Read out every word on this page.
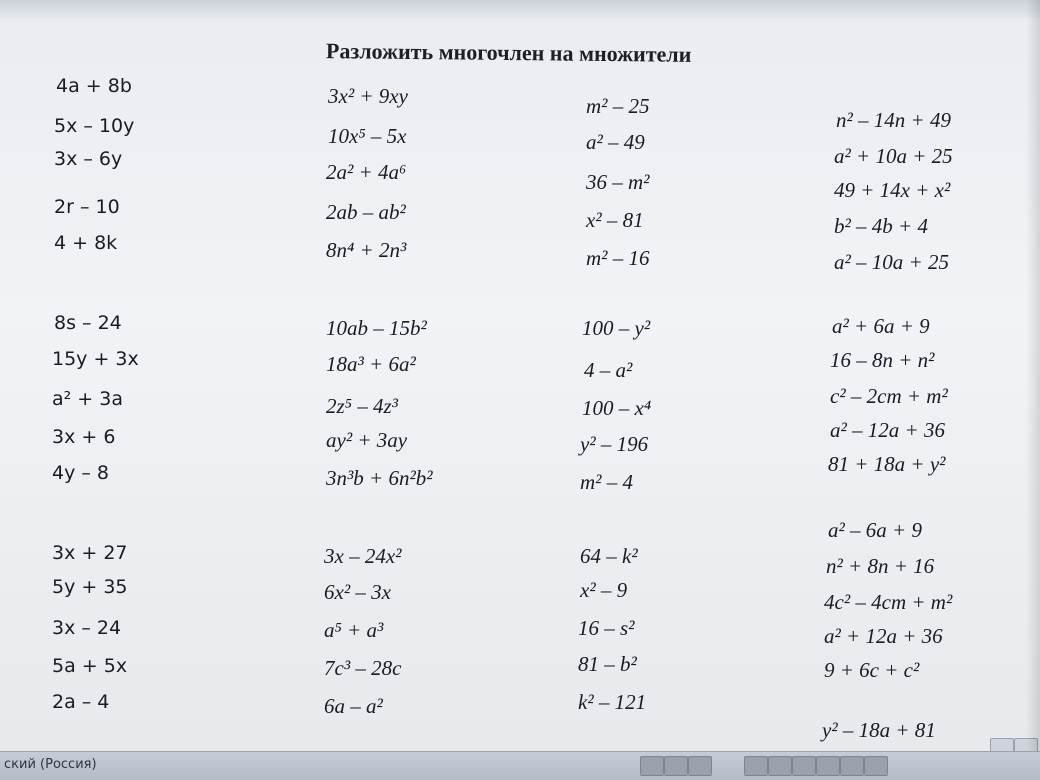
Разложить многочлен на множители
4a + 8b
5x – 10y
3x – 6y
2r – 10
4 + 8k
8s – 24
15y + 3x
a² + 3a
3x + 6
4y – 8
3x + 27
5y + 35
3x – 24
5a + 5x
2a – 4
3x² + 9xy
10x⁵ – 5x
2a² + 4a⁶
2ab – ab²
8n⁴ + 2n³
10ab – 15b²
18a³ + 6a²
2z⁵ – 4z³
ay² + 3ay
3n³b + 6n²b²
3x – 24x²
6x² – 3x
a⁵ + a³
7c³ – 28c
6a – a²
m² – 25
a² – 49
36 – m²
x² – 81
m² – 16
100 – y²
4 – a²
100 – x⁴
y² – 196
m² – 4
64 – k²
x² – 9
16 – s²
81 – b²
k² – 121
n² – 14n + 49
a² + 10a + 25
49 + 14x + x²
b² – 4b + 4
a² – 10a + 25
a² + 6a + 9
16 – 8n + n²
c² – 2cm + m²
a² – 12a + 36
81 + 18a + y²
a² – 6a + 9
n² + 8n + 16
4c² – 4cm + m²
a² + 12a + 36
9 + 6c + c²
y² – 18a + 81
ский (Россия)
